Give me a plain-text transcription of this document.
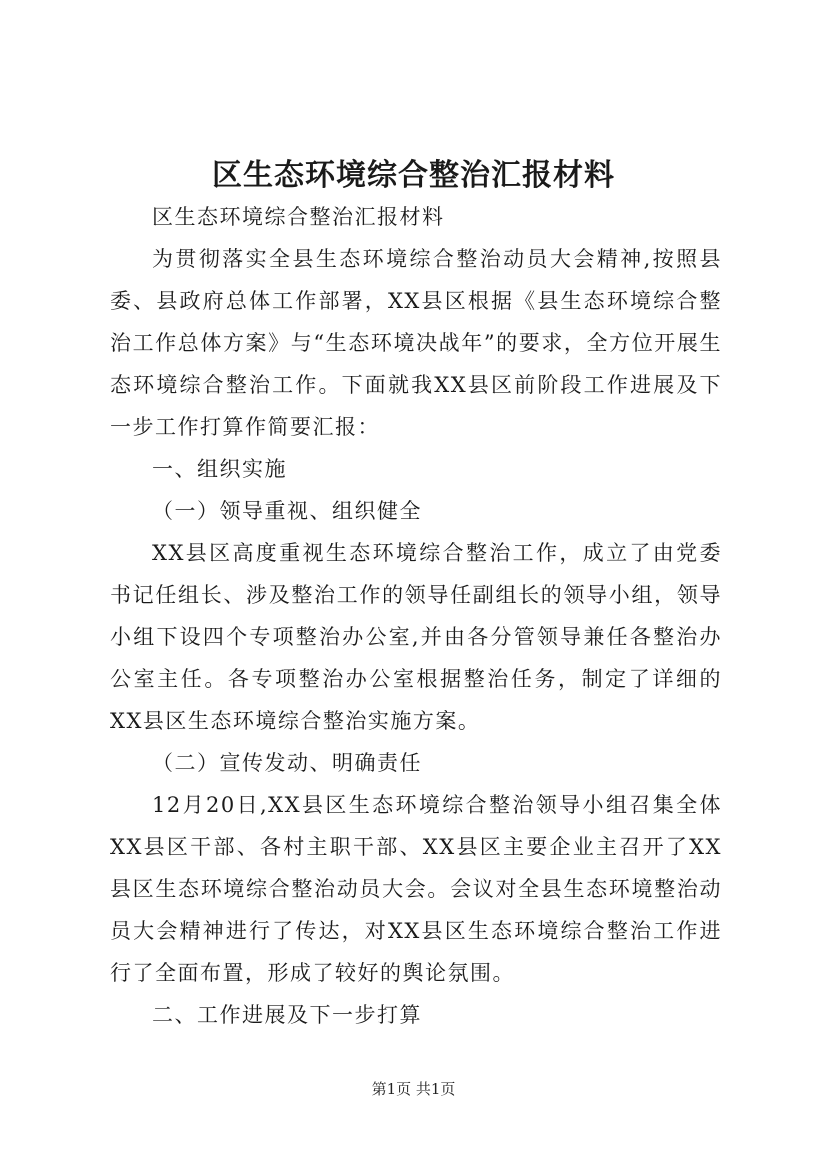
区生态环境综合整治汇报材料

区生态环境综合整治汇报材料

为贯彻落实全县生态环境综合整治动员大会精神,按照县委、县政府总体工作部署，XX县区根据《县生态环境综合整治工作总体方案》与“生态环境决战年”的要求，全方位开展生态环境综合整治工作。下面就我XX县区前阶段工作进展及下一步工作打算作简要汇报：

一、组织实施

（一）领导重视、组织健全

XX县区高度重视生态环境综合整治工作，成立了由党委书记任组长、涉及整治工作的领导任副组长的领导小组，领导小组下设四个专项整治办公室,并由各分管领导兼任各整治办公室主任。各专项整治办公室根据整治任务，制定了详细的XX县区生态环境综合整治实施方案。

（二）宣传发动、明确责任

12月20日,XX县区生态环境综合整治领导小组召集全体XX县区干部、各村主职干部、XX县区主要企业主召开了XX县区生态环境综合整治动员大会。会议对全县生态环境整治动员大会精神进行了传达，对XX县区生态环境综合整治工作进行了全面布置，形成了较好的舆论氛围。

二、工作进展及下一步打算

第1页 共1页
